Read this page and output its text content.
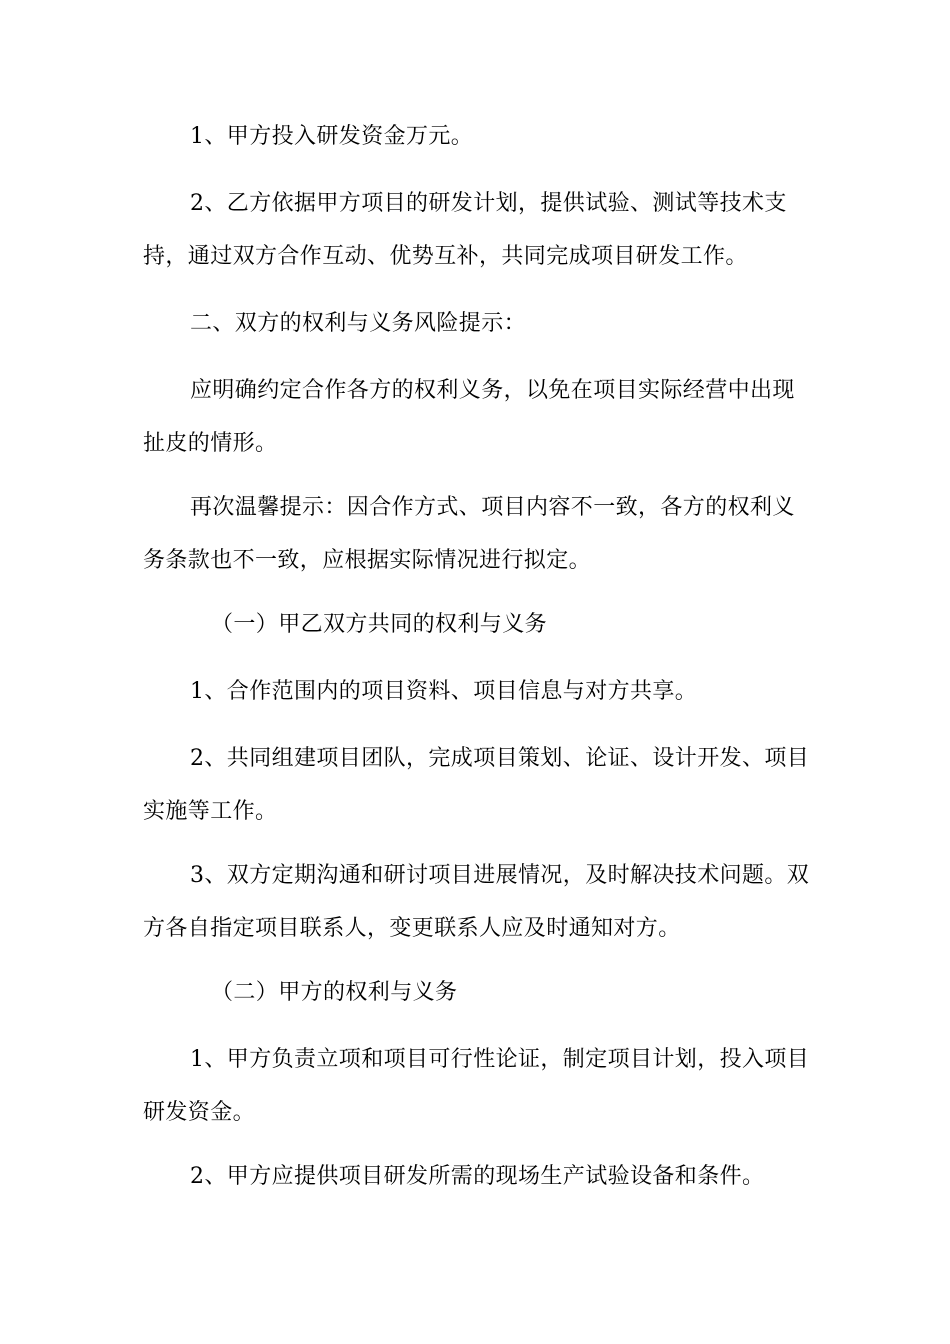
1、甲方投入研发资金万元。

2、乙方依据甲方项目的研发计划，提供试验、测试等技术支持，通过双方合作互动、优势互补，共同完成项目研发工作。

二、双方的权利与义务风险提示：

应明确约定合作各方的权利义务，以免在项目实际经营中出现扯皮的情形。

再次温馨提示：因合作方式、项目内容不一致，各方的权利义务条款也不一致，应根据实际情况进行拟定。

（一）甲乙双方共同的权利与义务

1、合作范围内的项目资料、项目信息与对方共享。

2、共同组建项目团队，完成项目策划、论证、设计开发、项目实施等工作。

3、双方定期沟通和研讨项目进展情况，及时解决技术问题。双方各自指定项目联系人，变更联系人应及时通知对方。

（二）甲方的权利与义务

1、甲方负责立项和项目可行性论证，制定项目计划，投入项目研发资金。

2、甲方应提供项目研发所需的现场生产试验设备和条件。
